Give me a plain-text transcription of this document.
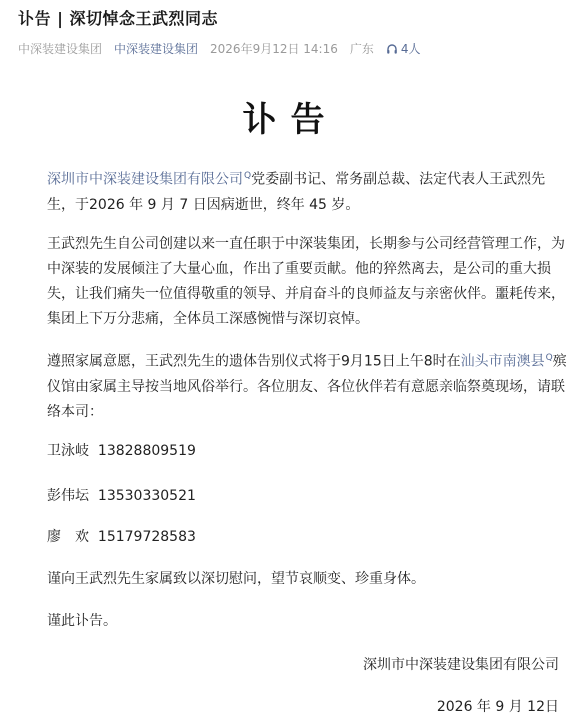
讣告 | 深切悼念王武烈同志
中深装建设集团 中深装建设集团 2026年9月12日 14:16 广东 4人
讣告
深圳市中深装建设集团有限公司$^Q$党委副书记、常务副总裁、法定代表人王武烈先生，于2026 年 9 月 7 日因病逝世，终年 45 岁。
王武烈先生自公司创建以来一直任职于中深装集团，长期参与公司经营管理工作，为中深装的发展倾注了大量心血，作出了重要贡献。他的猝然离去，是公司的重大损失，让我们痛失一位值得敬重的领导、并肩奋斗的良师益友与亲密伙伴。噩耗传来，集团上下万分悲痛，全体员工深感惋惜与深切哀悼。
遵照家属意愿，王武烈先生的遗体告别仪式将于9月15日上午8时在汕头市南澳县$^Q$殡仪馆由家属主导按当地风俗举行。各位朋友、各位伙伴若有意愿亲临祭奠现场，请联络本司：
卫泳岐 13828809519
彭伟坛 13530330521
廖　欢 15179728583
谨向王武烈先生家属致以深切慰问，望节哀顺变、珍重身体。
谨此讣告。
深圳市中深装建设集团有限公司
2026 年 9 月 12日
